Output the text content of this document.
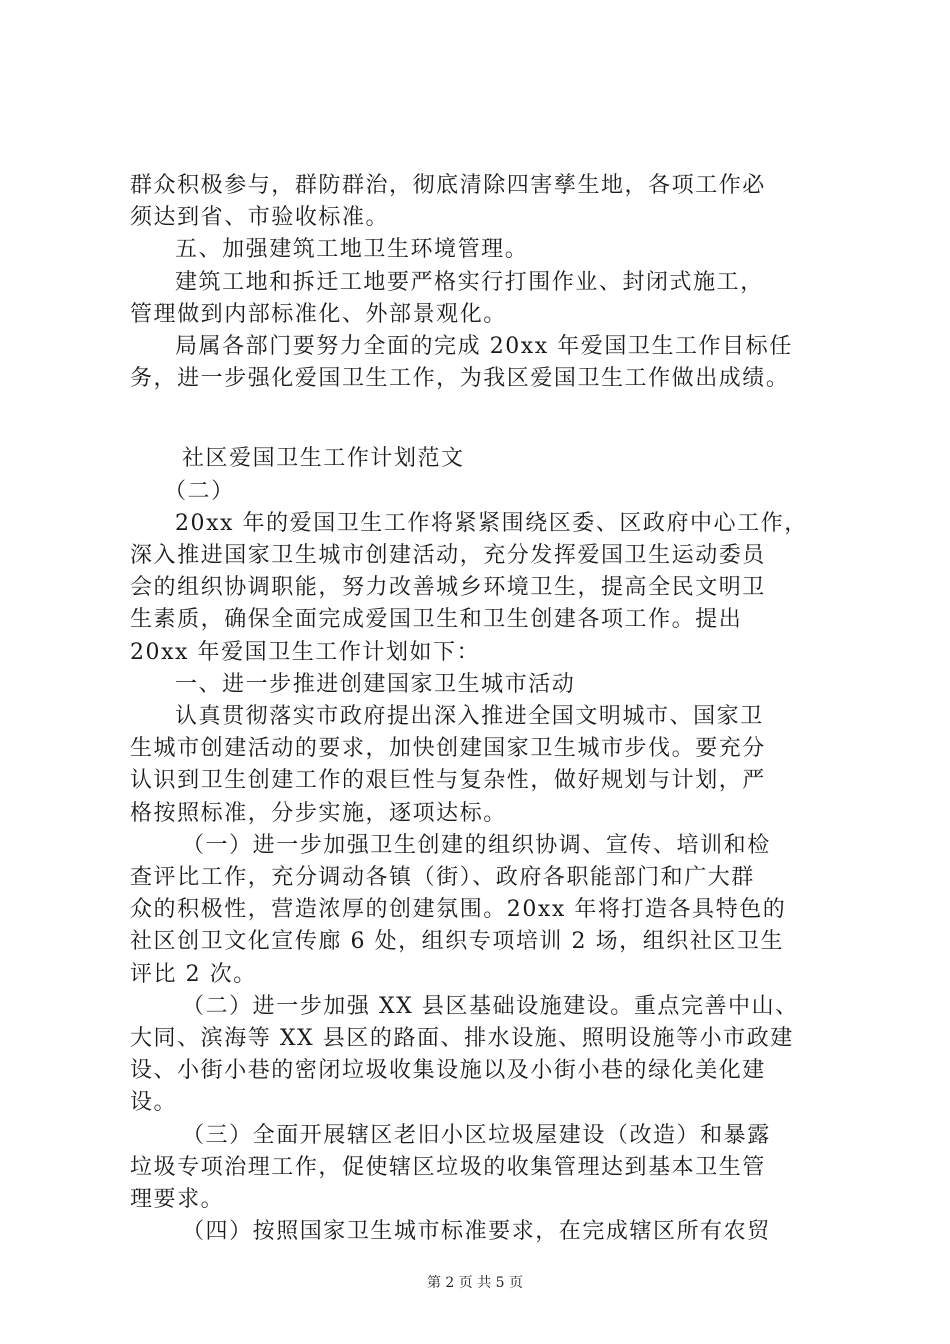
群众积极参与，群防群治，彻底清除四害孳生地，各项工作必
须达到省、市验收标准。
五、加强建筑工地卫生环境管理。
建筑工地和拆迁工地要严格实行打围作业、封闭式施工，
管理做到内部标准化、外部景观化。
局属各部门要努力全面的完成 20xx 年爱国卫生工作目标任
务，进一步强化爱国卫生工作，为我区爱国卫生工作做出成绩。
社区爱国卫生工作计划范文
（二）
20xx 年的爱国卫生工作将紧紧围绕区委、区政府中心工作，
深入推进国家卫生城市创建活动，充分发挥爱国卫生运动委员
会的组织协调职能，努力改善城乡环境卫生，提高全民文明卫
生素质，确保全面完成爱国卫生和卫生创建各项工作。提出
20xx 年爱国卫生工作计划如下：
一、进一步推进创建国家卫生城市活动
认真贯彻落实市政府提出深入推进全国文明城市、国家卫
生城市创建活动的要求，加快创建国家卫生城市步伐。要充分
认识到卫生创建工作的艰巨性与复杂性，做好规划与计划，严
格按照标准，分步实施，逐项达标。
（一）进一步加强卫生创建的组织协调、宣传、培训和检
查评比工作，充分调动各镇（街）、政府各职能部门和广大群
众的积极性，营造浓厚的创建氛围。20xx 年将打造各具特色的
社区创卫文化宣传廊 6 处，组织专项培训 2 场，组织社区卫生
评比 2 次。
（二）进一步加强 XX 县区基础设施建设。重点完善中山、
大同、滨海等 XX 县区的路面、排水设施、照明设施等小市政建
设、小街小巷的密闭垃圾收集设施以及小街小巷的绿化美化建
设。
（三）全面开展辖区老旧小区垃圾屋建设（改造）和暴露
垃圾专项治理工作，促使辖区垃圾的收集管理达到基本卫生管
理要求。
（四）按照国家卫生城市标准要求，在完成辖区所有农贸
第 2 页 共 5 页
